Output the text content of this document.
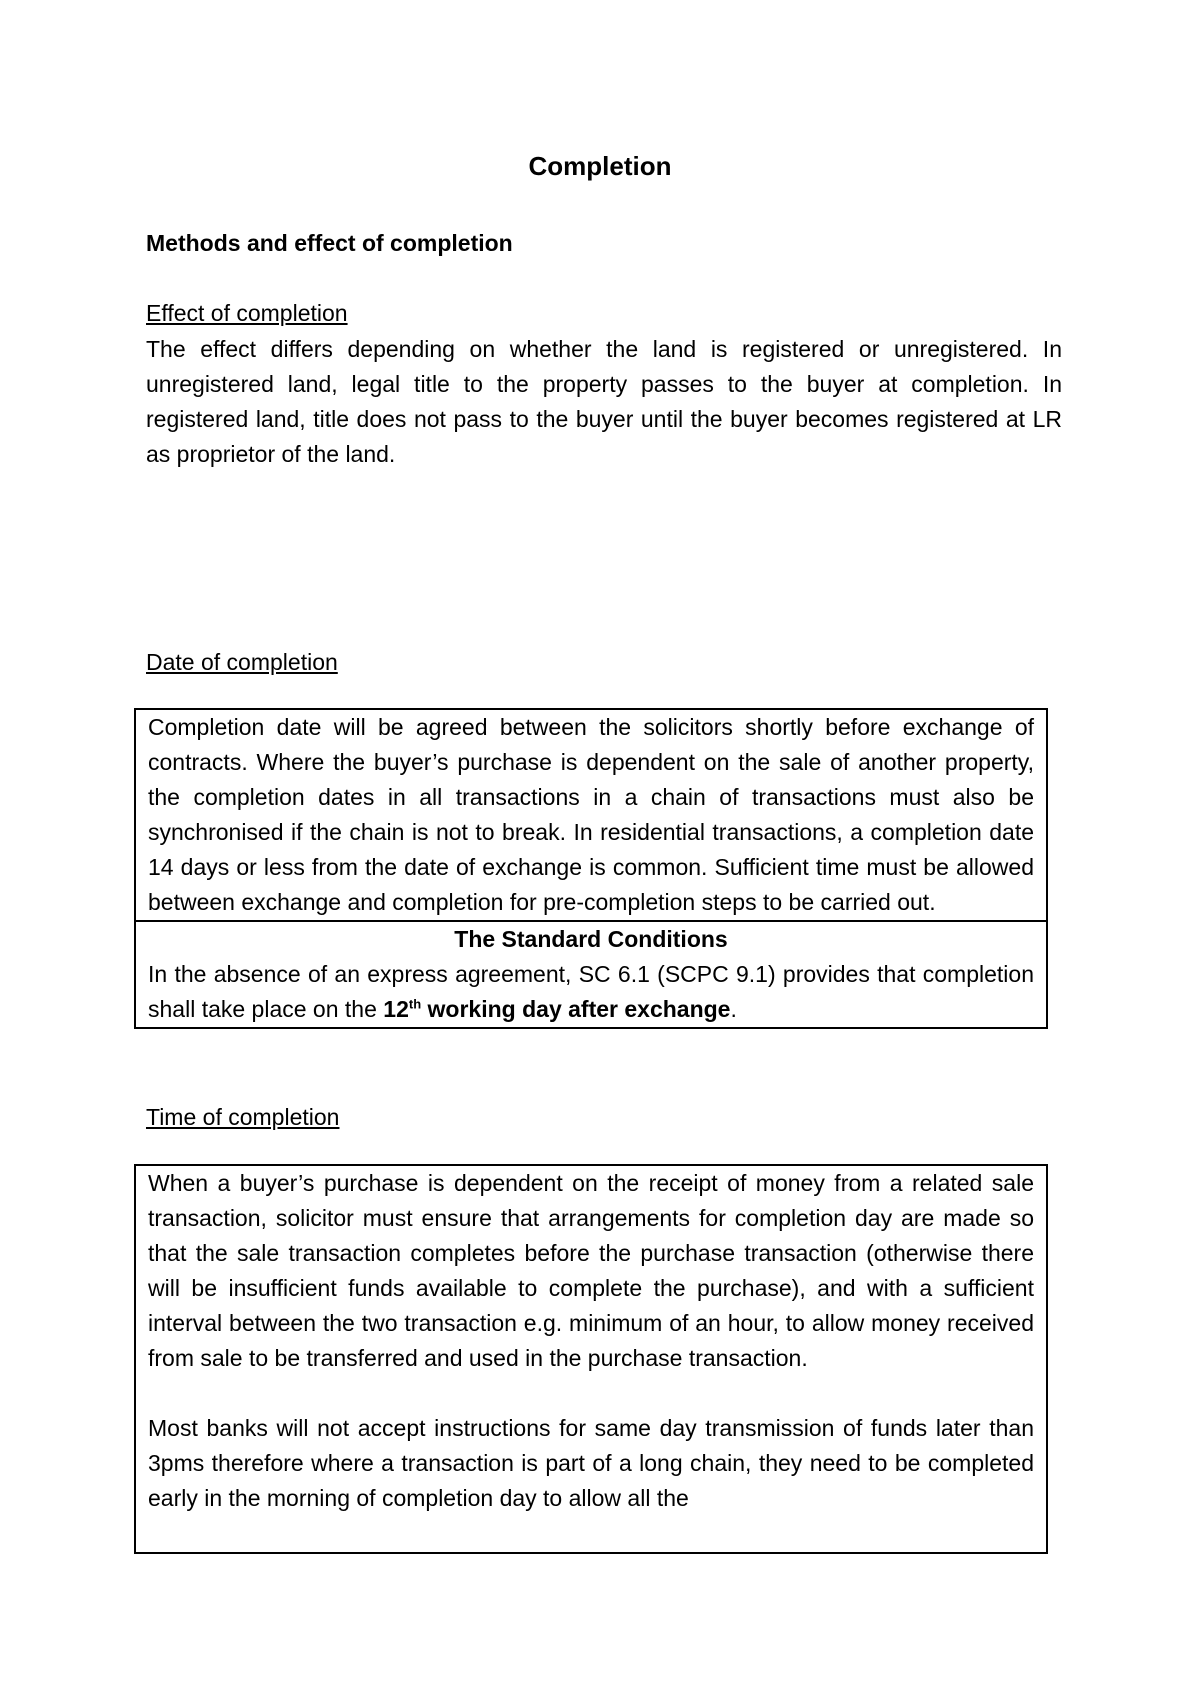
Completion
Methods and effect of completion
Effect of completion

The effect differs depending on whether the land is registered or unregistered. In unregistered land, legal title to the property passes to the buyer at completion. In registered land, title does not pass to the buyer until the buyer becomes registered at LR as proprietor of the land.

Date of completion
Completion date will be agreed between the solicitors shortly before exchange of contracts. Where the buyer’s purchase is dependent on the sale of another property, the completion dates in all transactions in a chain of transactions must also be synchronised if the chain is not to break. In residential transactions, a completion date 14 days or less from the date of exchange is common. Sufficient time must be allowed between exchange and completion for pre-completion steps to be carried out.
The Standard Conditions
In the absence of an express agreement, SC 6.1 (SCPC 9.1) provides that completion shall take place on the 12th working day after exchange.
Time of completion
When a buyer’s purchase is dependent on the receipt of money from a related sale transaction, solicitor must ensure that arrangements for completion day are made so that the sale transaction completes before the purchase transaction (otherwise there will be insufficient funds available to complete the purchase), and with a sufficient interval between the two transaction e.g. minimum of an hour, to allow money received from sale to be transferred and used in the purchase transaction.
Most banks will not accept instructions for same day transmission of funds later than 3pms therefore where a transaction is part of a long chain, they need to be completed early in the morning of completion day to allow all the
